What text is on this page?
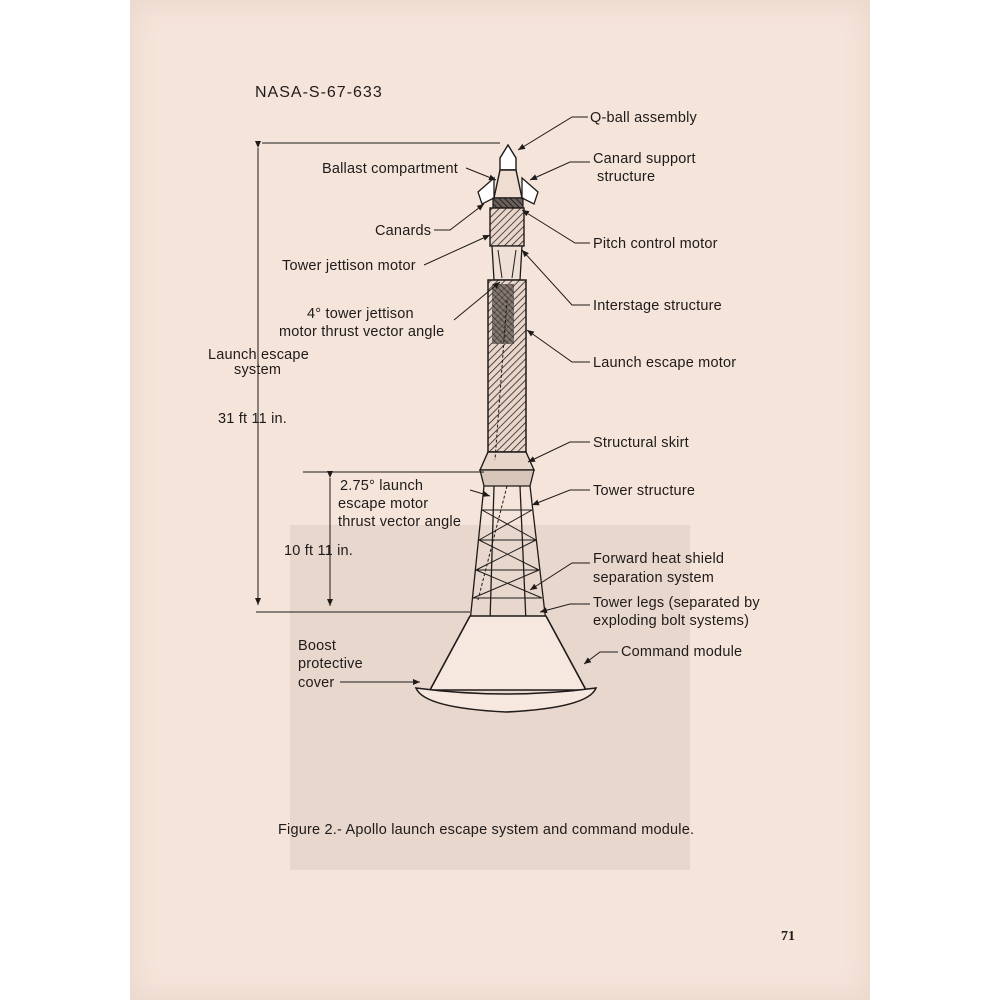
NASA-S-67-633
Q-ball assembly
Ballast compartment
Canard support
structure
Canards
Pitch control motor
Tower jettison motor
Interstage structure
4° tower jettison
motor thrust vector angle
Launch escape
system	Launch escape motor
31 ft 11 in.
Structural skirt
2.75° launch
escape motor
thrust vector angle
Tower structure
10 ft 11 in.	Forward heat shield
separation system
Tower legs (separated by
exploding bolt systems)
Boost
protective
cover
Command module
Figure 2.- Apollo launch escape system and command module.
71
